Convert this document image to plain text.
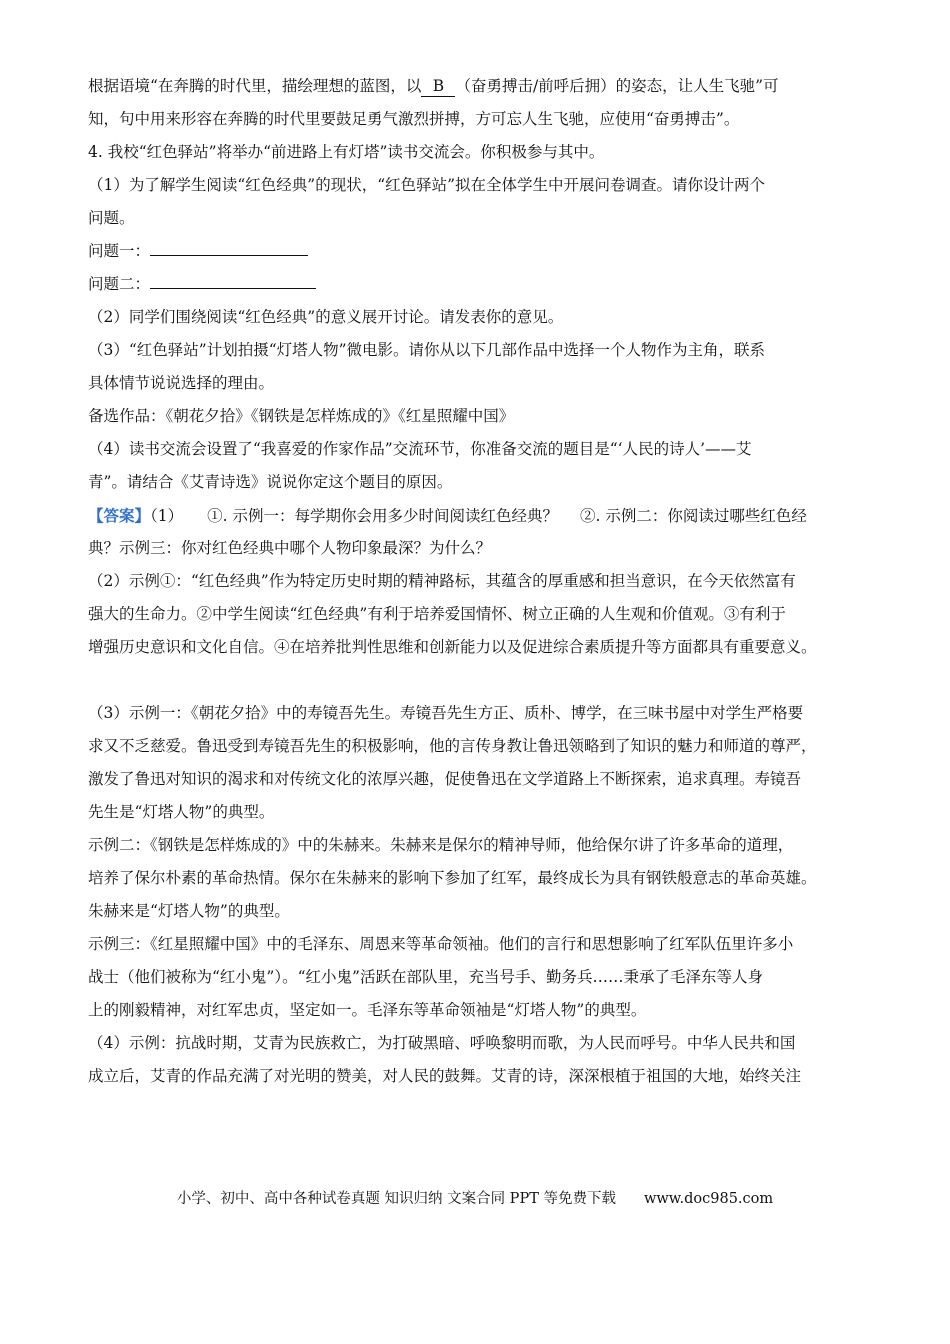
根据语境“在奔腾的时代里，描绘理想的蓝图，以 B （奋勇搏击/前呼后拥）的姿态，让人生飞驰”可
知，句中用来形容在奔腾的时代里要鼓足勇气激烈拼搏，方可忘人生飞驰，应使用“奋勇搏击”。
4. 我校“红色驿站”将举办“前进路上有灯塔”读书交流会。你积极参与其中。
（1）为了解学生阅读“红色经典”的现状，“红色驿站”拟在全体学生中开展问卷调查。请你设计两个
问题。
问题一：
问题二：
（2）同学们围绕阅读“红色经典”的意义展开讨论。请发表你的意见。
（3）“红色驿站”计划拍摄“灯塔人物”微电影。请你从以下几部作品中选择一个人物作为主角，联系
具体情节说说选择的理由。
备选作品：《朝花夕拾》《钢铁是怎样炼成的》《红星照耀中国》
（4）读书交流会设置了“我喜爱的作家作品”交流环节，你准备交流的题目是“‘人民的诗人’——艾
青”。请结合《艾青诗选》说说你定这个题目的原因。
【答案】（1） ①. 示例一：每学期你会用多少时间阅读红色经典？ ②. 示例二：你阅读过哪些红色经
典？示例三：你对红色经典中哪个人物印象最深？为什么？
（2）示例①：“红色经典”作为特定历史时期的精神路标，其蕴含的厚重感和担当意识，在今天依然富有
强大的生命力。②中学生阅读“红色经典”有利于培养爱国情怀、树立正确的人生观和价值观。③有利于
增强历史意识和文化自信。④在培养批判性思维和创新能力以及促进综合素质提升等方面都具有重要意义。
（3）示例一：《朝花夕拾》中的寿镜吾先生。寿镜吾先生方正、质朴、博学，在三味书屋中对学生严格要
求又不乏慈爱。鲁迅受到寿镜吾先生的积极影响，他的言传身教让鲁迅领略到了知识的魅力和师道的尊严，
激发了鲁迅对知识的渴求和对传统文化的浓厚兴趣，促使鲁迅在文学道路上不断探索，追求真理。寿镜吾
先生是“灯塔人物”的典型。
示例二：《钢铁是怎样炼成的》中的朱赫来。朱赫来是保尔的精神导师，他给保尔讲了许多革命的道理，
培养了保尔朴素的革命热情。保尔在朱赫来的影响下参加了红军，最终成长为具有钢铁般意志的革命英雄。
朱赫来是“灯塔人物”的典型。
示例三：《红星照耀中国》中的毛泽东、周恩来等革命领袖。他们的言行和思想影响了红军队伍里许多小
战士（他们被称为“红小鬼”）。“红小鬼”活跃在部队里，充当号手、勤务兵……秉承了毛泽东等人身
上的刚毅精神，对红军忠贞，坚定如一。毛泽东等革命领袖是“灯塔人物”的典型。
（4）示例：抗战时期，艾青为民族救亡，为打破黑暗、呼唤黎明而歌，为人民而呼号。中华人民共和国
成立后，艾青的作品充满了对光明的赞美，对人民的鼓舞。艾青的诗，深深根植于祖国的大地，始终关注
小学、初中、高中各种试卷真题 知识归纳 文案合同 PPT 等免费下载 www.doc985.com
